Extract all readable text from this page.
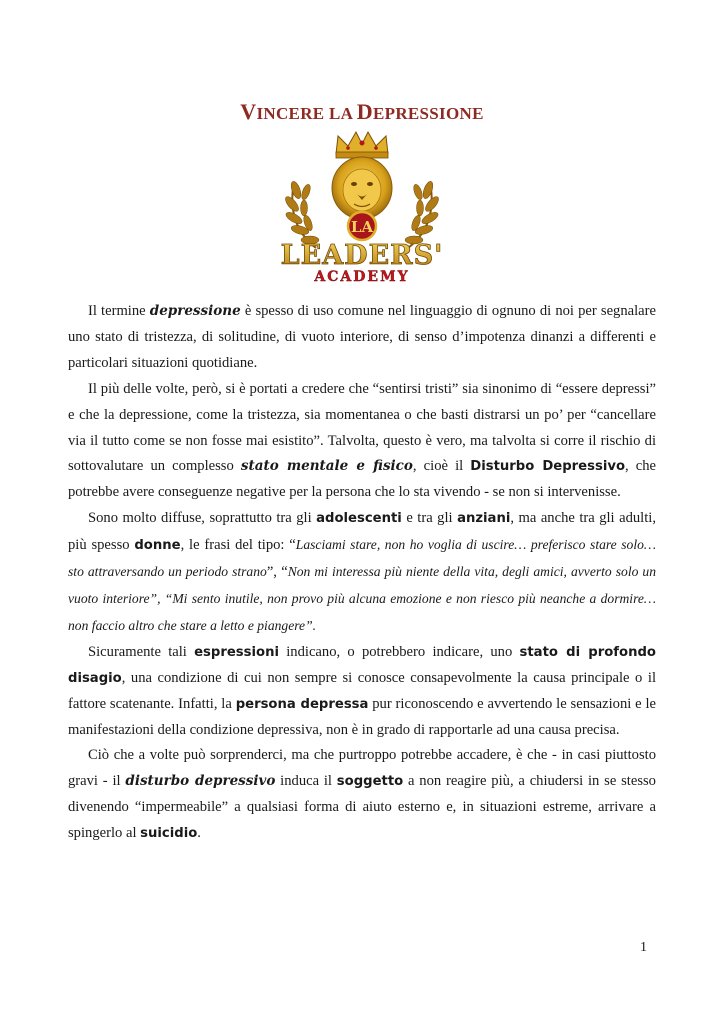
VINCERE LA DEPRESSIONE
LA
LEADERS'
ACADEMY

Il termine depressione è spesso di uso comune nel linguaggio di ognuno di noi per segnalare uno stato di tristezza, di solitudine, di vuoto interiore, di senso d’impotenza dinanzi a differenti e particolari situazioni quotidiane.

Il più delle volte, però, si è portati a credere che “sentirsi tristi” sia sinonimo di “essere depressi” e che la depressione, come la tristezza, sia momentanea o che basti distrarsi un po’ per “cancellare via il tutto come se non fosse mai esistito”. Talvolta, questo è vero, ma talvolta si corre il rischio di sottovalutare un complesso stato mentale e fisico, cioè il Disturbo Depressivo, che potrebbe avere conseguenze negative per la persona che lo sta vivendo - se non si intervenisse.

Sono molto diffuse, soprattutto tra gli adolescenti e tra gli anziani, ma anche tra gli adulti, più spesso donne, le frasi del tipo: “Lasciami stare, non ho voglia di uscire… preferisco stare solo… sto attraversando un periodo strano”, “Non mi interessa più niente della vita, degli amici, avverto solo un vuoto interiore”, “Mi sento inutile, non provo più alcuna emozione e non riesco più neanche a dormire… non faccio altro che stare a letto e piangere”.

Sicuramente tali espressioni indicano, o potrebbero indicare, uno stato di profondo disagio, una condizione di cui non sempre si conosce consapevolmente la causa principale o il fattore scatenante. Infatti, la persona depressa pur riconoscendo e avvertendo le sensazioni e le manifestazioni della condizione depressiva, non è in grado di rapportarle ad una causa precisa.

Ciò che a volte può sorprenderci, ma che purtroppo potrebbe accadere, è che - in casi piuttosto gravi - il disturbo depressivo induca il soggetto a non reagire più, a chiudersi in se stesso divenendo “impermeabile” a qualsiasi forma di aiuto esterno e, in situazioni estreme, arrivare a spingerlo al suicidio.

1
